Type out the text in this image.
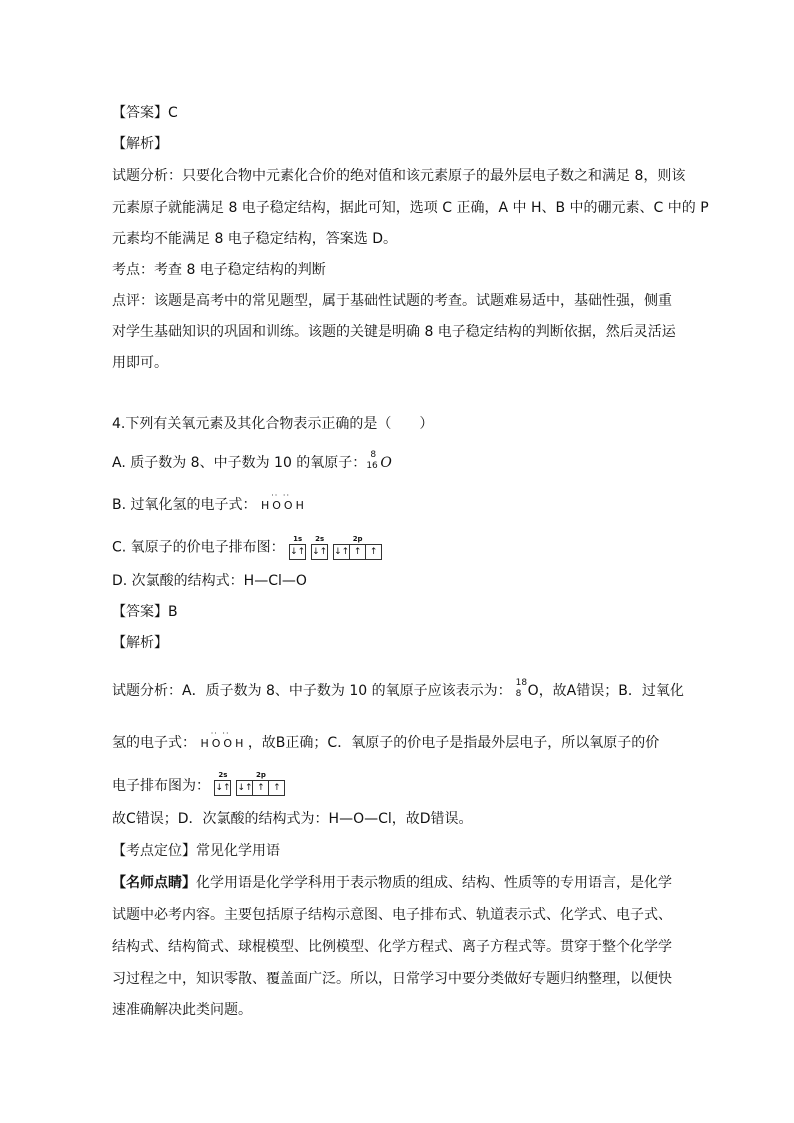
【答案】C
【解析】
试题分析：只要化合物中元素化合价的绝对值和该元素原子的最外层电子数之和满足 8，则该
元素原子就能满足 8 电子稳定结构，据此可知，选项 C 正确，A 中 H、B 中的硼元素、C 中的 P
元素均不能满足 8 电子稳定结构，答案选 D。
考点：考查 8 电子稳定结构的判断
点评：该题是高考中的常见题型，属于基础性试题的考查。试题难易适中，基础性强，侧重
对学生基础知识的巩固和训练。该题的关键是明确 8 电子稳定结构的判断依据，然后灵活运
用即可。
4.下列有关氧元素及其化合物表示正确的是（　　）
A. 质子数为 8、中子数为 10 的氧原子： 8
16 O
B. 过氧化氢的电子式： H
··
O
··
O H
C. 氧原子的价电子排布图：
1s
↓↑
2s
↓↑
2p
↓↑ ↑ ↑
D. 次氯酸的结构式：H—Cl—O
【答案】B
【解析】
试题分析：A．质子数为 8、中子数为 10 的氧原子应该表示为： 18
8 O，故A错误；B．过氧化
氢的电子式： H
··
O
··
O H ，故B正确；C．氧原子的价电子是指最外层电子，所以氧原子的价
电子排布图为：
2s
↓↑
2p
↓↑ ↑ ↑
故C错误；D．次氯酸的结构式为：H—O—Cl，故D错误。
【考点定位】常见化学用语
【名师点睛】化学用语是化学学科用于表示物质的组成、结构、性质等的专用语言，是化学
试题中必考内容。主要包括原子结构示意图、电子排布式、轨道表示式、化学式、电子式、
结构式、结构简式、球棍模型、比例模型、化学方程式、离子方程式等。贯穿于整个化学学
习过程之中，知识零散、覆盖面广泛。所以，日常学习中要分类做好专题归纳整理，以便快
速准确解决此类问题。
